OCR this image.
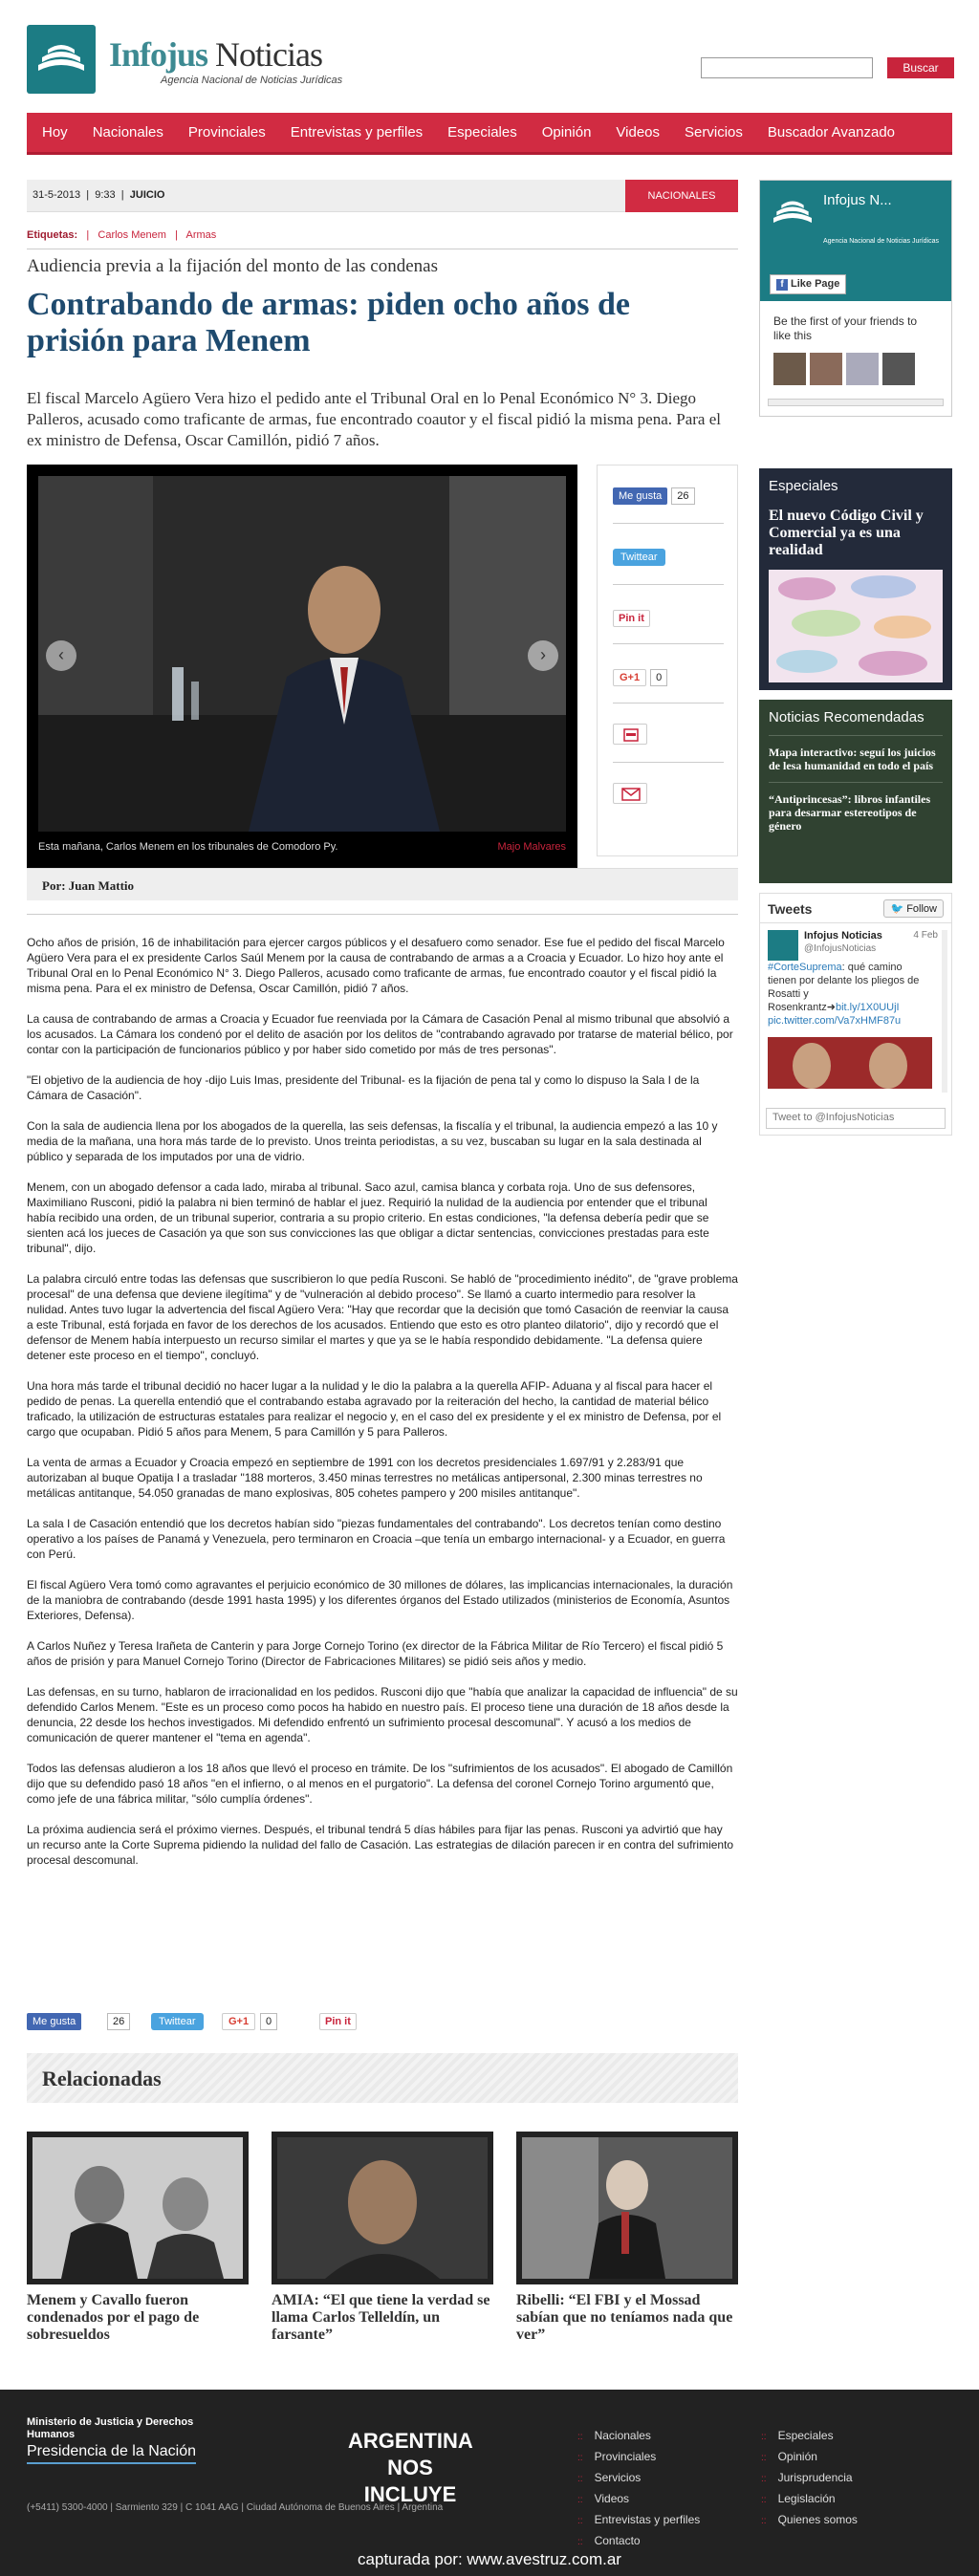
Infojus Noticias
Agencia Nacional de Noticias Jurídicas
Buscar
Hoy Nacionales Provinciales Entrevistas y perfiles Especiales Opinión Videos Servicios Buscador Avanzado
31-5-2013  |  9:33  |  JUICIO	NACIONALES
Etiquetas:   |   Carlos Menem   |   Armas
Audiencia previa a la fijación del monto de las condenas
Contrabando de armas: piden ocho años de prisión para Menem
El fiscal Marcelo Agüero Vera hizo el pedido ante el Tribunal Oral en lo Penal Económico N° 3. Diego Palleros, acusado como traficante de armas, fue encontrado coautor y el fiscal pidió la misma pena. Para el ex ministro de Defensa, Oscar Camillón, pidió 7 años.
‹	›
Esta mañana, Carlos Menem en los tribunales de Comodoro Py.	Majo Malvares
Me gusta 26
Twittear
Pin it
G+1 0
Por: Juan Mattio

Ocho años de prisión, 16 de inhabilitación para ejercer cargos públicos y el desafuero como senador. Ese fue el pedido del fiscal Marcelo Agüero Vera para el ex presidente Carlos Saúl Menem por la causa de contrabando de armas a a Croacia y Ecuador. Lo hizo hoy ante el Tribunal Oral en lo Penal Económico N° 3. Diego Palleros, acusado como traficante de armas, fue encontrado coautor y el fiscal pidió la misma pena. Para el ex ministro de Defensa, Oscar Camillón, pidió 7 años.

La causa de contrabando de armas a Croacia y Ecuador fue reenviada por la Cámara de Casación Penal al mismo tribunal que absolvió a los acusados. La Cámara los condenó por el delito de asación por los delitos de "contrabando agravado por tratarse de material bélico, por contar con la participación de funcionarios público y por haber sido cometido por más de tres personas".

"El objetivo de la audiencia de hoy -dijo Luis Imas, presidente del Tribunal- es la fijación de pena tal y como lo dispuso la Sala I de la Cámara de Casación".

Con la sala de audiencia llena por los abogados de la querella, las seis defensas, la fiscalía y el tribunal, la audiencia empezó a las 10 y media de la mañana, una hora más tarde de lo previsto. Unos treinta periodistas, a su vez, buscaban su lugar en la sala destinada al público y separada de los imputados por una de vidrio.

Menem, con un abogado defensor a cada lado, miraba al tribunal. Saco azul, camisa blanca y corbata roja. Uno de sus defensores, Maximiliano Rusconi, pidió la palabra ni bien terminó de hablar el juez. Requirió la nulidad de la audiencia por entender que el tribunal había recibido una orden, de un tribunal superior, contraria a su propio criterio. En estas condiciones, "la defensa debería pedir que se sienten acá los jueces de Casación ya que son sus convicciones las que obligar a dictar sentencias, convicciones prestadas para este tribunal", dijo.

La palabra circuló entre todas las defensas que suscribieron lo que pedía Rusconi. Se habló de "procedimiento inédito", de "grave problema procesal" de una defensa que deviene ilegítima" y de "vulneración al debido proceso". Se llamó a cuarto intermedio para resolver la nulidad. Antes tuvo lugar la advertencia del fiscal Agüero Vera: "Hay que recordar que la decisión que tomó Casación de reenviar la causa a este Tribunal, está forjada en favor de los derechos de los acusados. Entiendo que esto es otro planteo dilatorio", dijo y recordó que el defensor de Menem había interpuesto un recurso similar el martes y que ya se le había respondido debidamente. "La defensa quiere detener este proceso en el tiempo", concluyó.

Una hora más tarde el tribunal decidió no hacer lugar a la nulidad y le dio la palabra a la querella AFIP- Aduana y al fiscal para hacer el pedido de penas. La querella entendió que el contrabando estaba agravado por la reiteración del hecho, la cantidad de material bélico traficado, la utilización de estructuras estatales para realizar el negocio y, en el caso del ex presidente y el ex ministro de Defensa, por el cargo que ocupaban. Pidió 5 años para Menem, 5 para Camillón y 5 para Palleros.

La venta de armas a Ecuador y Croacia empezó en septiembre de 1991 con los decretos presidenciales 1.697/91 y 2.283/91 que autorizaban al buque Opatija I a trasladar "188 morteros, 3.450 minas terrestres no metálicas antipersonal, 2.300 minas terrestres no metálicas antitanque, 54.050 granadas de mano explosivas, 805 cohetes pampero y 200 misiles antitanque".

La sala I de Casación entendió que los decretos habían sido "piezas fundamentales del contrabando". Los decretos tenían como destino operativo a los países de Panamá y Venezuela, pero terminaron en Croacia –que tenía un embargo internacional- y a Ecuador, en guerra con Perú.

El fiscal Agüero Vera tomó como agravantes el perjuicio económico de 30 millones de dólares, las implicancias internacionales, la duración de la maniobra de contrabando (desde 1991 hasta 1995) y los diferentes órganos del Estado utilizados (ministerios de Economía, Asuntos Exteriores, Defensa).

A Carlos Nuñez y Teresa Irañeta de Canterin y para Jorge Cornejo Torino (ex director de la Fábrica Militar de Río Tercero) el fiscal pidió 5 años de prisión y para Manuel Cornejo Torino (Director de Fabricaciones Militares) se pidió seis años y medio.

Las defensas, en su turno, hablaron de irracionalidad en los pedidos. Rusconi dijo que "había que analizar la capacidad de influencia" de su defendido Carlos Menem. "Este es un proceso como pocos ha habido en nuestro país. El proceso tiene una duración de 18 años desde la denuncia, 22 desde los hechos investigados. Mi defendido enfrentó un sufrimiento procesal descomunal". Y acusó a los medios de comunicación de querer mantener el "tema en agenda".

Todos las defensas aludieron a los 18 años que llevó el proceso en trámite. De los "sufrimientos de los acusados". El abogado de Camillón dijo que su defendido pasó 18 años "en el infierno, o al menos en el purgatorio". La defensa del coronel Cornejo Torino argumentó que, como jefe de una fábrica militar, "sólo cumplía órdenes".

La próxima audiencia será el próximo viernes. Después, el tribunal tendrá 5 días hábiles para fijar las penas. Rusconi ya advirtió que hay un recurso ante la Corte Suprema pidiendo la nulidad del fallo de Casación. Las estrategias de dilación parecen ir en contra del sufrimiento procesal descomunal.

Me gusta	26	Twittear	G+1	0	Pin it
Relacionadas
Menem y Cavallo fueron condenados por el pago de sobresueldos
AMIA: “El que tiene la verdad se llama Carlos Telleldín, un farsante”
Ribelli: “El FBI y el Mossad sabían que no teníamos nada que ver”
Infojus N...
Agencia Nacional de Noticias Jurídicas
f Like Page
Be the first of your friends to like this
Especiales
El nuevo Código Civil y Comercial ya es una realidad
Noticias Recomendadas
Mapa interactivo: seguí los juicios de lesa humanidad en todo el país
“Antiprincesas”: libros infantiles para desarmar estereotipos de género
Tweets	🐦 Follow
Infojus Noticias
@InfojusNoticias
4 Feb
#CorteSuprema: qué camino tienen por delante los pliegos de Rosatti y Rosenkrantz➜bit.ly/1X0UUjI pic.twitter.com/Va7xHMF87u
Tweet to @InfojusNoticias
Ministerio de Justicia y Derechos Humanos
Presidencia de la Nación
(+5411) 5300-4000 | Sarmiento 329 | C 1041 AAG | Ciudad Autónoma de Buenos Aires | Argentina
ARGENTINA NOS INCLUYE
:: Nacionales
:: Provinciales
:: Servicios
:: Videos
:: Entrevistas y perfiles
:: Contacto
:: Especiales
:: Opinión
:: Jurisprudencia
:: Legislación
:: Quienes somos
capturada por: www.avestruz.com.ar
